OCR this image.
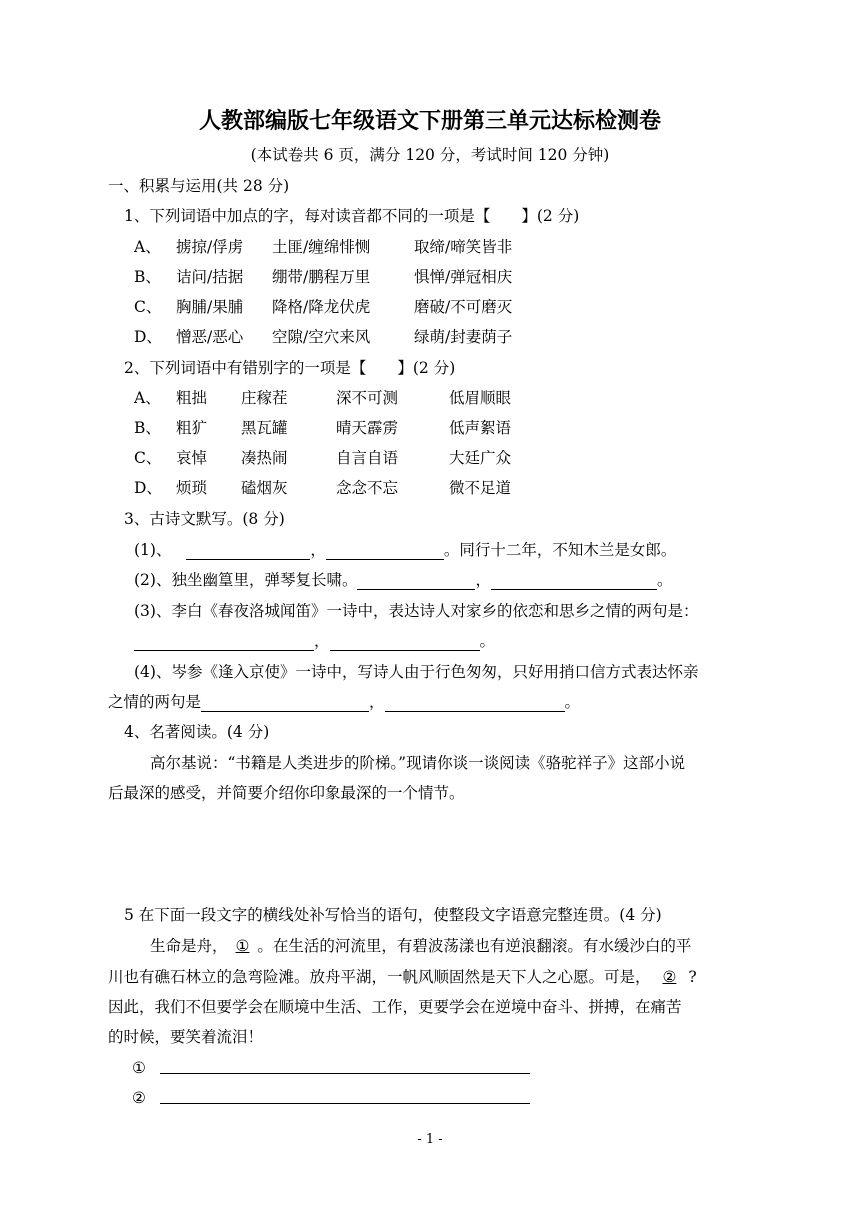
人教部编版七年级语文下册第三单元达标检测卷
(本试卷共 6 页，满分 120 分，考试时间 120 分钟)
一、积累与运用(共 28 分)
1、下列词语中加点的字，每对读音都不同的一项是【　　】(2 分)
A、 掳掠/俘虏 土匪/缠绵悱恻	取缔/啼笑皆非
B、 诘问/拮据 绷带/鹏程万里	惧惮/弹冠相庆
C、 胸脯/果脯 降格/降龙伏虎	磨破/不可磨灭
D、 憎恶/恶心 空隙/空穴来风	绿萌/封妻荫子
2、下列词语中有错别字的一项是【　　】(2 分)
A、 粗拙 庄稼茬	深不可测	低眉顺眼
B、 粗犷 黑瓦罐	晴天霹雳	低声絮语
C、 哀悼 凑热闹	自言自语	大廷广众
D、 烦琐 磕烟灰	念念不忘	微不足道
3、古诗文默写。(8 分)
(1)、	，	。同行十二年，不知木兰是女郎。
(2)、独坐幽篁里，弹琴复长啸。	，	。
(3)、李白《春夜洛城闻笛》一诗中，表达诗人对家乡的依恋和思乡之情的两句是：
，	。
(4)、岑参《逢入京使》一诗中，写诗人由于行色匆匆，只好用捎口信方式表达怀亲
之情的两句是	，	。
4、名著阅读。(4 分)
高尔基说：“书籍是人类进步的阶梯。”现请你谈一谈阅读《骆驼祥子》这部小说
后最深的感受，并简要介绍你印象最深的一个情节。
5 在下面一段文字的横线处补写恰当的语句，使整段文字语意完整连贯。(4 分)
生命是舟， ① 。在生活的河流里，有碧波荡漾也有逆浪翻滚。有水缓沙白的平
川也有礁石林立的急弯险滩。放舟平湖，一帆风顺固然是天下人之心愿。可是， ② ?
因此，我们不但要学会在顺境中生活、工作，更要学会在逆境中奋斗、拼搏，在痛苦
的时候，要笑着流泪！
①
②
- 1 -
